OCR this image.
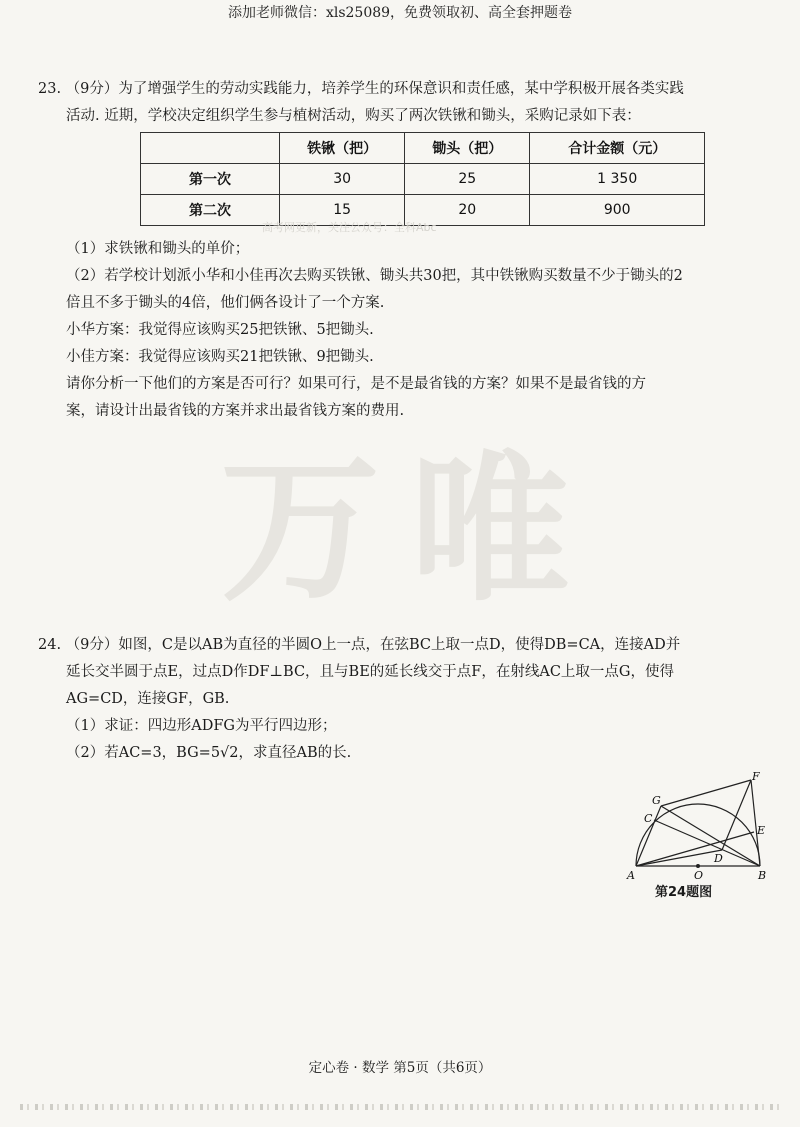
添加老师微信：xls25089，免费领取初、高全套押题卷

23. （9分）为了增强学生的劳动实践能力，培养学生的环保意识和责任感，某中学积极开展各类实践

活动. 近期，学校决定组织学生参与植树活动，购买了两次铁锹和锄头，采购记录如下表：

	铁锹（把）	锄头（把）	合计金额（元）
第一次	30	25	1 350
第二次	15	20	900
高考网更新，关注公众号：全科Abc

（1）求铁锹和锄头的单价；

（2）若学校计划派小华和小佳再次去购买铁锹、锄头共30把，其中铁锹购买数量不少于锄头的2

倍且不多于锄头的4倍，他们俩各设计了一个方案.

小华方案：我觉得应该购买25把铁锹、5把锄头.

小佳方案：我觉得应该购买21把铁锹、9把锄头.

请你分析一下他们的方案是否可行？如果可行，是不是最省钱的方案？如果不是最省钱的方

案，请设计出最省钱的方案并求出最省钱方案的费用.

万唯

24. （9分）如图，C是以AB为直径的半圆O上一点，在弦BC上取一点D，使得DB=CA，连接AD并

延长交半圆于点E，过点D作DF⊥BC，且与BE的延长线交于点F，在射线AC上取一点G，使得

AG=CD，连接GF，GB.

（1）求证：四边形ADFG为平行四边形；

（2）若AC=3，BG=5√2，求直径AB的长.

A	B
O
C
G
D
E
F
第24题图
定心卷 · 数学 第5页（共6页）
